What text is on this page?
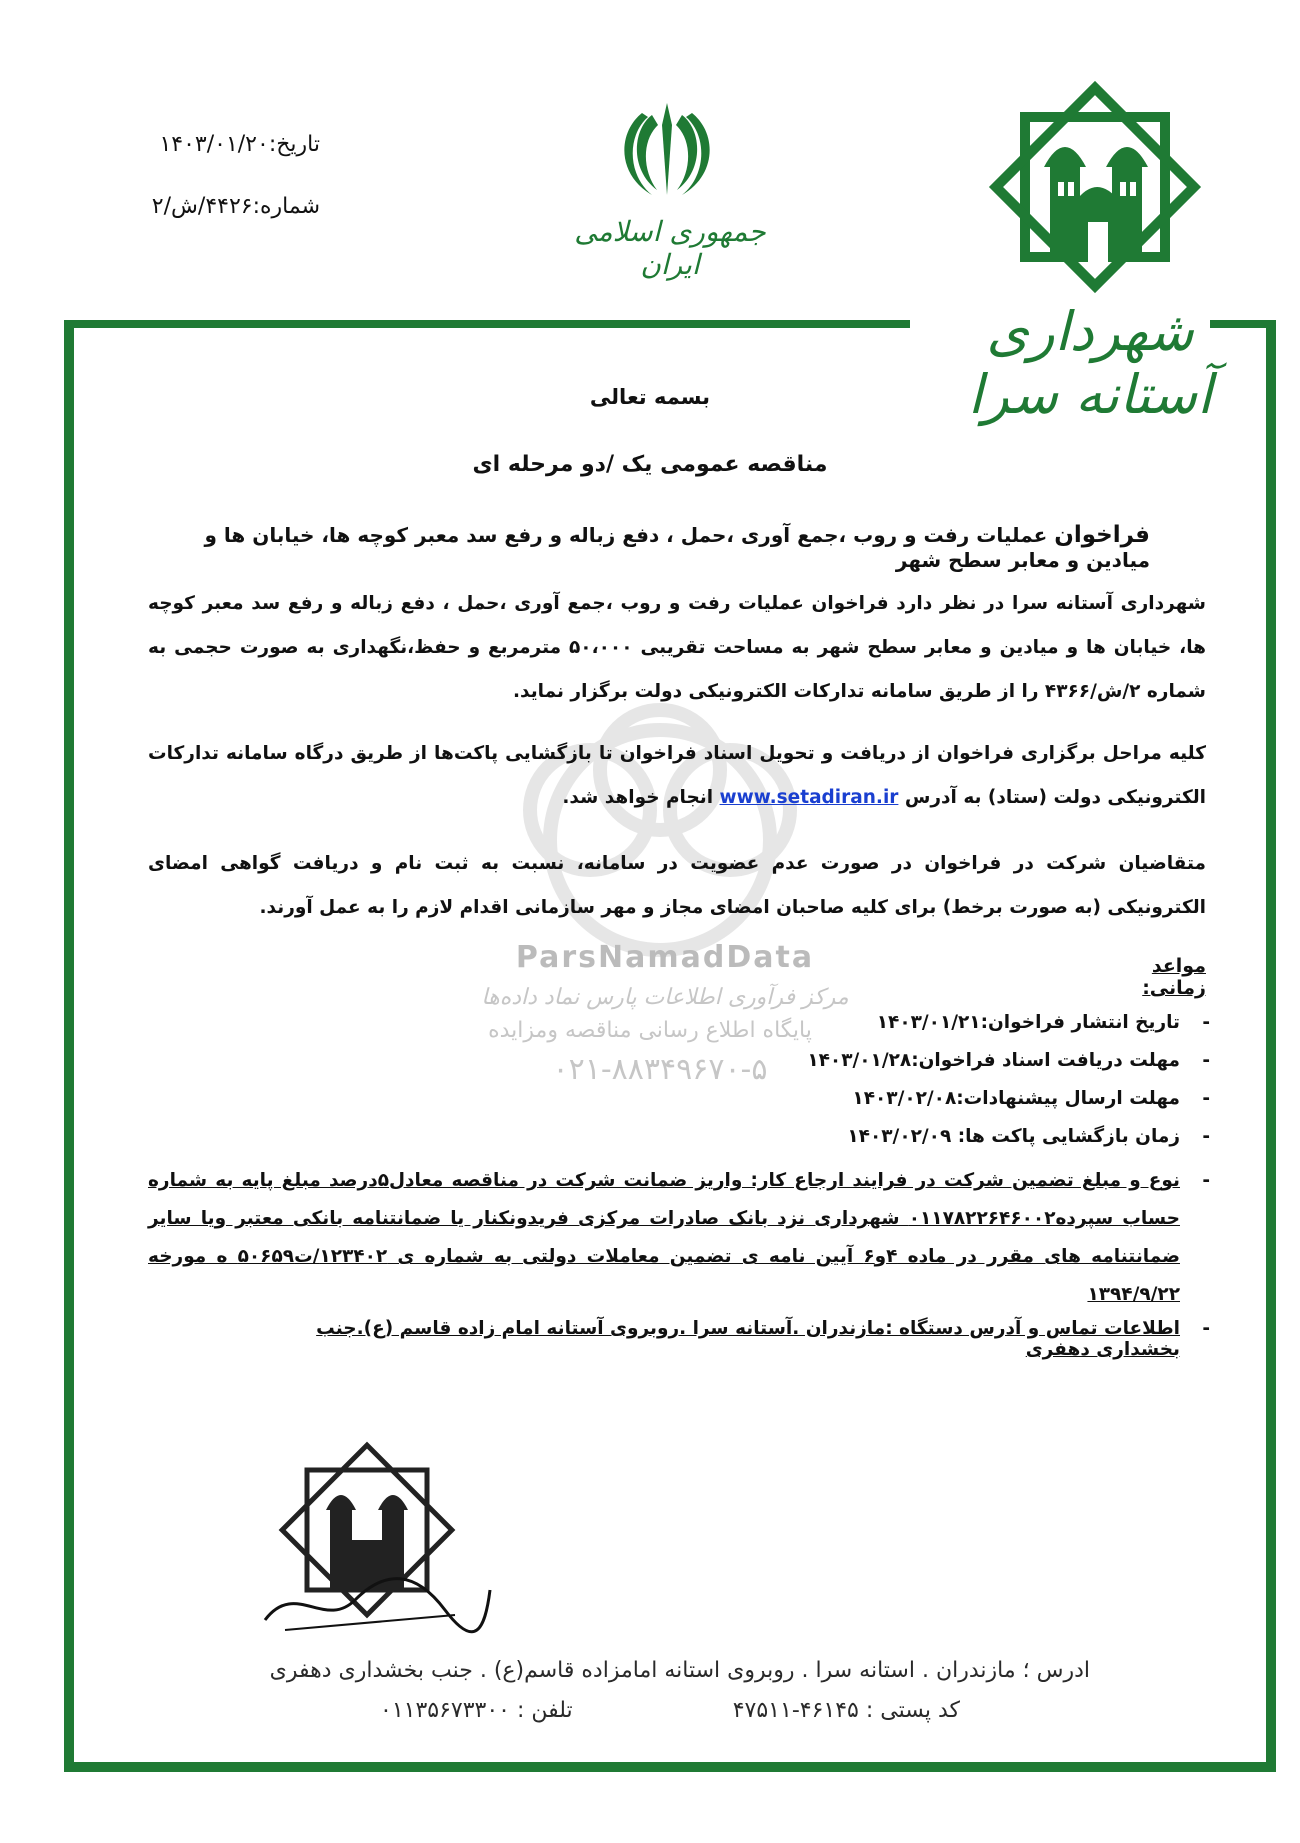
تاریخ:۱۴۰۳/۰۱/۲۰
شماره:۴۴۲۶/ش/۲
جمهوری اسلامی ایران
شهرداری آستانه سرا
ParsNamadData
مرکز فرآوری اطلاعات پارس نماد داده‌ها
پایگاه اطلاع رسانی مناقصه ومزایده
۰۲۱-۸۸۳۴۹۶۷۰-۵
بسمه تعالی
مناقصه عمومی یک /دو مرحله ای
فراخوان عملیات رفت و روب ،جمع آوری ،حمل ، دفع زباله و رفع سد معبر کوچه ها، خیابان ها و میادین و معابر سطح شهر
شهرداری آستانه سرا در نظر دارد فراخوان عملیات رفت و روب ،جمع آوری ،حمل ، دفع زباله و رفع سد معبر کوچه ها، خیابان ها و میادین و معابر سطح شهر به مساحت تقریبی ۵۰،۰۰۰ مترمربع و حفظ،نگهداری به صورت حجمی به شماره ۲/ش/۴۳۶۶ را از طریق سامانه تدارکات الکترونیکی دولت برگزار نماید.
کلیه مراحل برگزاری فراخوان از دریافت و تحویل اسناد فراخوان تا بازگشایی پاکت‌ها از طریق درگاه سامانه تدارکات الکترونیکی دولت (ستاد) به آدرس www.setadiran.ir انجام خواهد شد.
متقاضیان شرکت در فراخوان در صورت عدم عضویت در سامانه، نسبت به ثبت نام و دریافت گواهی امضای الکترونیکی (به صورت برخط) برای کلیه صاحبان امضای مجاز و مهر سازمانی اقدام لازم را به عمل آورند.
مواعد زمانی:
-
تاریخ انتشار فراخوان:۱۴۰۳/۰۱/۲۱
-
مهلت دریافت اسناد فراخوان:۱۴۰۳/۰۱/۲۸
-
مهلت ارسال پیشنهادات:۱۴۰۳/۰۲/۰۸
-
زمان بازگشایی پاکت ها: ۱۴۰۳/۰۲/۰۹
-
نوع و مبلغ تضمین شرکت در فرایند ارجاع کار: واریز ضمانت شرکت در مناقصه معادل۵درصد مبلغ پایه به شماره حساب سپرده۰۱۱۷۸۲۲۶۴۶۰۰۲ شهرداری نزد بانک صادرات مرکزی فریدونکنار یا ضمانتنامه بانکی معتبر ویا سایر ضمانتنامه های مقرر در ماده ۴و۶ آیین نامه ی تضمین معاملات دولتی به شماره ی ۱۲۳۴۰۲/ت۵۰۶۵۹ ه مورخه ۱۳۹۴/۹/۲۲
-
اطلاعات تماس و آدرس دستگاه :مازندران .آستانه سرا .روبروی آستانه امام زاده قاسم (ع).جنب بخشداری دهفری
ادرس ؛ مازندران . استانه سرا . روبروی استانه امامزاده قاسم(ع) . جنب بخشداری دهفری
تلفن : ۰۱۱۳۵۶۷۳۳۰۰	کد پستی : ۴۶۱۴۵-۴۷۵۱۱
